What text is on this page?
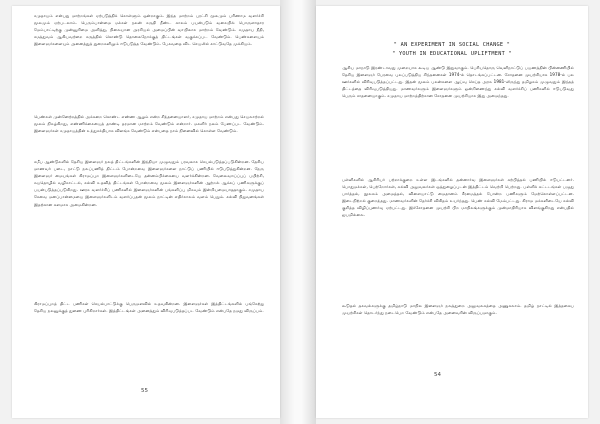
சமுதாயம் என்பது மாற்றங்கள் ஏற்படுத்திக் கொள்ளும் ஒன்றாகும். இந்த மாற்றம் புரட்சி மூலமும் பரிணாம வளர்ச்சி மூலமும் ஏற்படலாம். பெரும்பான்மை மக்கள் நலன் கருதி நீண்ட காலம் பயன்படும் வகையில் பொருளாதார மேம்பாட்டிற்கு முன்னுரிமை அளித்து, நிலையான அரசியல் அமைப்பின் வாயிலாக மாற்றம் வேண்டும். சமுதாய நீதி, சமத்துவம் ஆகியவற்றை கருத்தில் கொண்டு தொலைநோக்குத் திட்டங்கள் வகுக்கப்பட வேண்டும். பெண்களையும் இளைஞர்களையும் அனைத்துத் துறைகளிலும் ஈடுபடுத்த வேண்டும். பேசுவதை விட செயலில் காட்டுவதே முக்கியம்.
பெண்கள் முன்னேற்றத்தில் அக்கறை கொண்ட எண்ண ஆழம் என்ற சிந்தனையாளர், சமுதாய மாற்றம் என்பது செயலாற்றல் மூலம் நிகழ்கிறது, எண்ணிக்கையைத் தாண்டி தரமான மாற்றம் வேண்டும் என்றார். மகளிர் நலம் பேணப்பட வேண்டும். இளைஞர்கள் சமுதாயத்தின் உந்துசக்தியாக விளங்க வேண்டும் என்பதை நாம் நினைவில் கொள்ள வேண்டும்.
சமீப ஆண்டுகளில் தேசிய இளைஞர் நலத் திட்டங்களின் இந்தியா முழுவதும் பரவலாக செயல்படுத்தப்படுகின்றன. தேசிய மாணவர் படை, நாட்டு நலப்பணித் திட்டம் போன்றவை இளைஞர்களை நாட்டுப் பணியில் ஈடுபடுத்துகின்றன. நேரு இளைஞர் மையங்கள் கிராமப்புற இளைஞர்களிடையே தன்னம்பிக்கையை வளர்க்கின்றன. வேலைவாய்ப்புப் பயிற்சி, சுயதொழில் வழிகாட்டல், கல்வி உதவித் திட்டங்கள் போன்றவை மூலம் இளைஞர்களின் ஆற்றல் ஆக்கப் பணிகளுக்குப் பயன்படுத்தப்படுகிறது. ஊரக வளர்ச்சிப் பணிகளில் இளைஞர்களின் பங்களிப்பு மிகவும் இன்றியமையாததாகும். சமுதாய சேவை மனப்பான்மையை இளைஞர்களிடம் வளர்ப்பதன் மூலம் நாட்டின் எதிர்காலம் வளம் பெறும். கல்வி நிறுவனங்கள் இதற்கான களமாக அமைகின்றன.
கிராமப்புறத் திட்ட பணிகள் செயல்பாட்டுக்கு பெருமளவில் உதவுகின்றன. இளைஞர்கள் இத்திட்டங்களில் பங்கேற்று தேசிய நலனுக்குத் துணை புரிகிறார்கள். இத்திட்டங்கள் அனைத்தும் விரிவுபடுத்தப்பட வேண்டும் என்பதே நமது விருப்பம்.
55
" AN EXPERIMENT IN SOCIAL CHANGE "
" YOUTH IN EDUCATIONAL UPLIFTMENT "
ஆசிய மாநாடு இரண்டாவது முறையாக கூடிய ஆண்டு இதுவாகும். பெரியதொரு வெளிநாட்டுப் பயணத்தின் பின்னணியில் தேசிய இளைஞர் பேரவை புலப்படுத்திய சிந்தனைகள் 1974-ல் தொடங்கப்பட்டன. சோதனை முயற்சியாக 1978-ல் பல ஊர்களில் விரிவுபடுத்தப்பட்டது. இதன் மூலம் பலன்களை ஆய்வு செய்த அரசு 1981-லிருந்து தமிழகம் முழுவதும் இந்தத் திட்டத்தை விரிவுபடுத்தியது. மாணவர்களும் இளைஞர்களும் ஒன்றிணைந்து கல்வி வளர்ச்சிப் பணிகளில் ஈடுபடுவது பெரும் சாதனையாகும். சமுதாய மாற்றத்திற்கான சோதனை முயற்சியாக இது அமைந்தது.
பள்ளிகளில் ஆசிரியர் பற்றாக்குறை உள்ள இடங்களில் தன்னார்வ இளைஞர்கள் கற்பித்தல் பணியில் ஈடுபட்டனர். பொதுமக்கள், பெற்றோர்கள், கல்வி அலுவலர்கள் ஒத்துழைப்புடன் இத்திட்டம் வெற்றி பெற்றது. பள்ளிக் கட்டடங்கள் பழுது பார்த்தல், நூலகம் அமைத்தல், விளையாட்டு மைதானம் சீரமைத்தல் போன்ற பணிகளும் மேற்கொள்ளப்பட்டன. இடைநிற்றல் குறைந்தது. மாணவர்களின் தேர்ச்சி விகிதம் உயர்ந்தது. பெண் கல்வி மேம்பட்டது. கிராம மக்களிடையே கல்வி குறித்த விழிப்புணர்வு ஏற்பட்டது. இச்சோதனை முயற்சி பிற மாநிலங்களுக்கும் முன்மாதிரியாக விளங்குகிறது என்பதில் ஐயமில்லை.
கூடுதல் தகவல்களுக்கு தமிழ்நாடு மாநில இளைஞர் நலத்துறை அலுவலகத்தை அணுகலாம். தமிழ் நாட்டில் இத்தகைய முயற்சிகள் தொடர்ந்து நடைபெற வேண்டும் என்பதே அனைவரின் விருப்பமாகும்.
54
